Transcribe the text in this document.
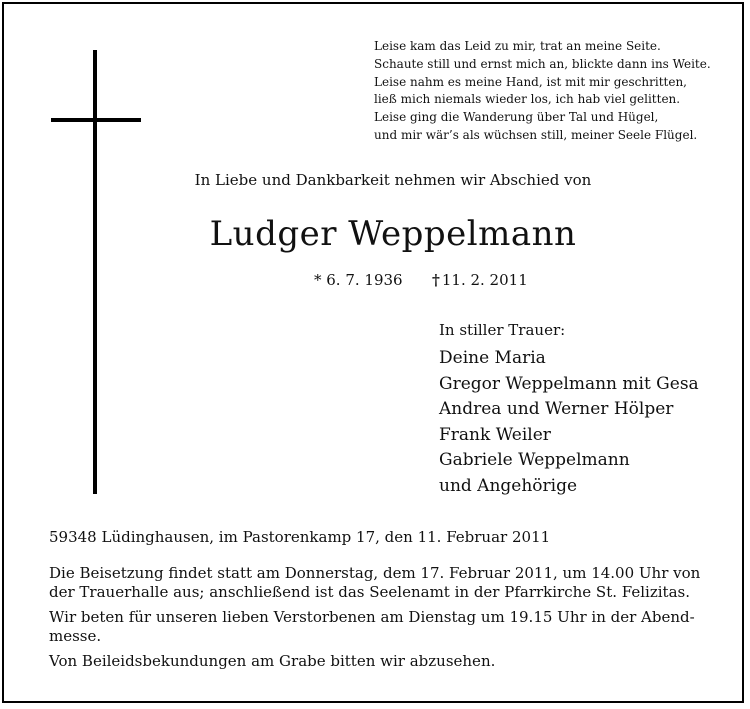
Leise kam das Leid zu mir, trat an meine Seite.
Schaute still und ernst mich an, blickte dann ins Weite.
Leise nahm es meine Hand, ist mit mir geschritten,
ließ mich niemals wieder los, ich hab viel gelitten.
Leise ging die Wanderung über Tal und Hügel,
und mir wär’s als wüchsen still, meiner Seele Flügel.
In Liebe und Dankbarkeit nehmen wir Abschied von
Ludger Weppelmann
* 6. 7. 1936 † 11. 2. 2011
In stiller Trauer:
Deine Maria
Gregor Weppelmann mit Gesa
Andrea und Werner Hölper
Frank Weiler
Gabriele Weppelmann
und Angehörige
59348 Lüdinghausen, im Pastorenkamp 17, den 11. Februar 2011

Die Beisetzung findet statt am Donnerstag, dem 17. Februar 2011, um 14.00 Uhr von der Trauerhalle aus; anschließend ist das Seelenamt in der Pfarrkirche St. Felizitas.

Wir beten für unseren lieben Verstorbenen am Dienstag um 19.15 Uhr in der Abend-messe.

Von Beileidsbekundungen am Grabe bitten wir abzusehen.
